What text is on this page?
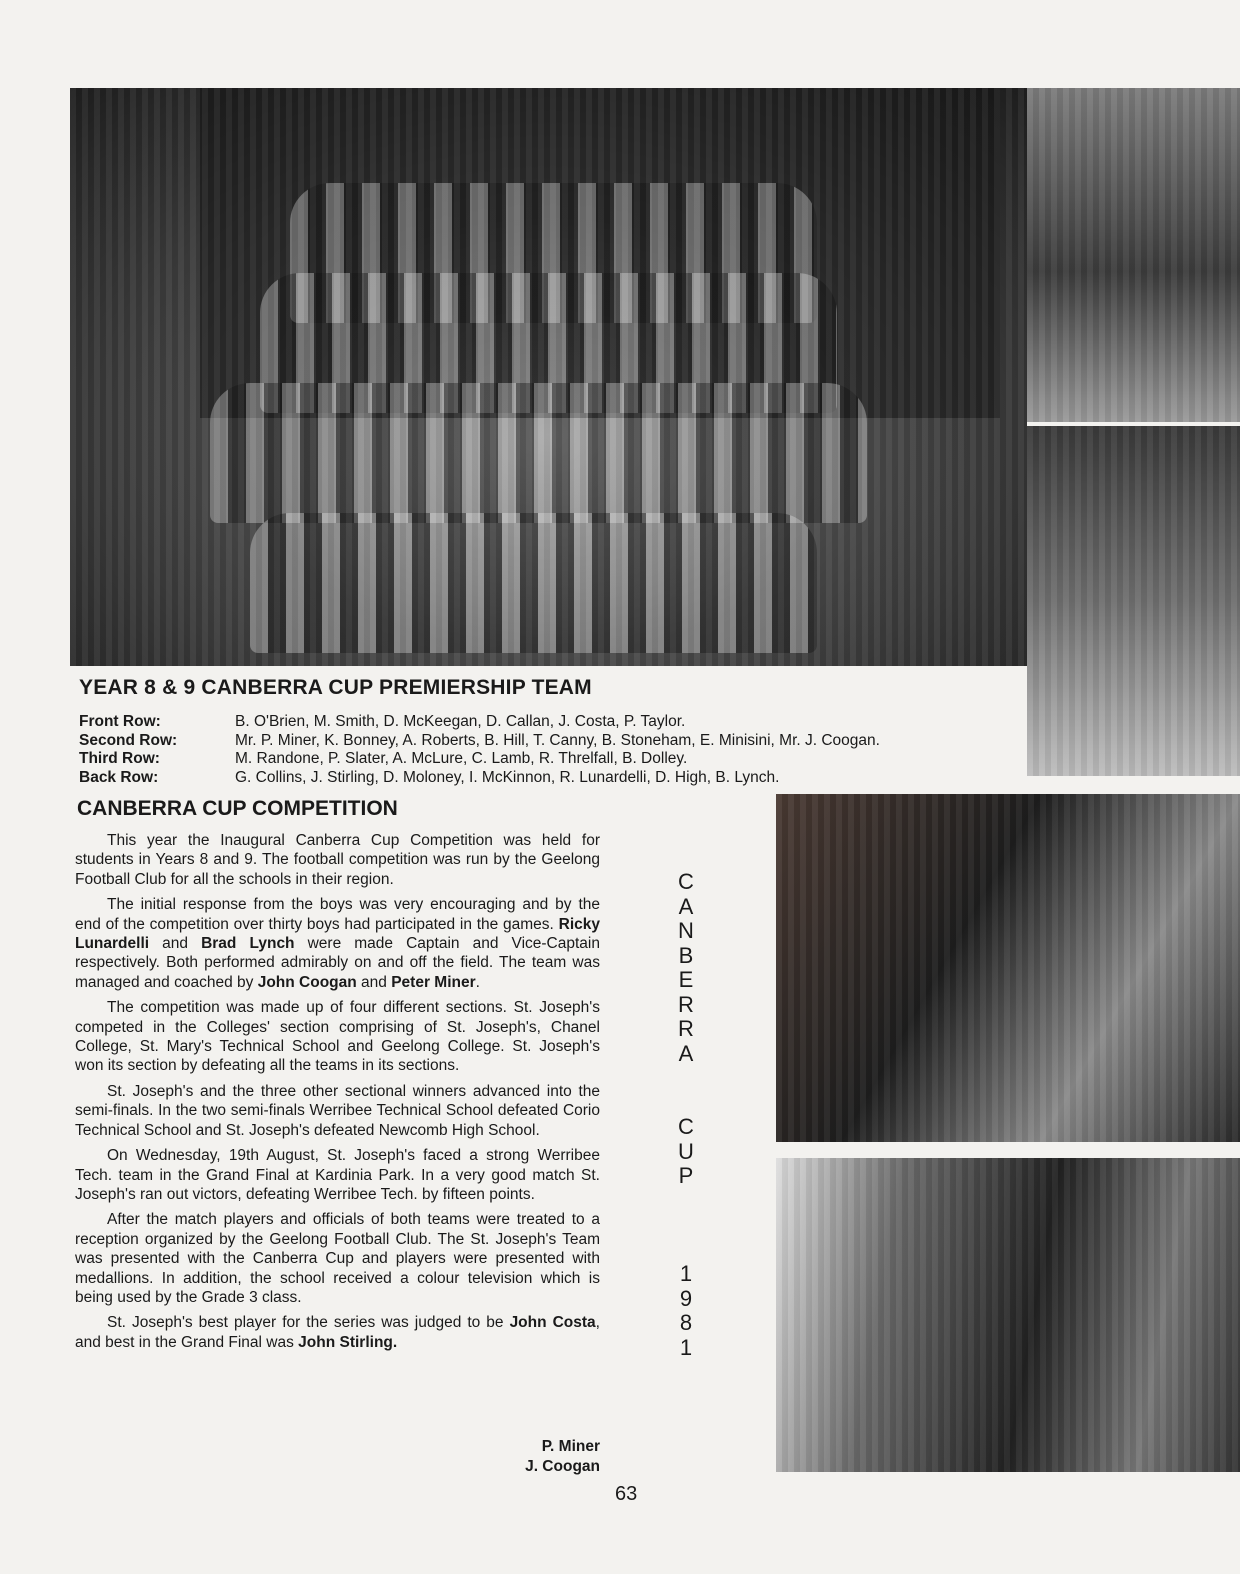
YEAR 8 & 9 CANBERRA CUP PREMIERSHIP TEAM
Front Row:	B. O'Brien, M. Smith, D. McKeegan, D. Callan, J. Costa, P. Taylor.
Second Row:	Mr. P. Miner, K. Bonney, A. Roberts, B. Hill, T. Canny, B. Stoneham, E. Minisini, Mr. J. Coogan.
Third Row:	M. Randone, P. Slater, A. McLure, C. Lamb, R. Threlfall, B. Dolley.
Back Row:	G. Collins, J. Stirling, D. Moloney, I. McKinnon, R. Lunardelli, D. High, B. Lynch.
CANBERRA CUP COMPETITION

This year the Inaugural Canberra Cup Competition was held for students in Years 8 and 9. The football competition was run by the Geelong Football Club for all the schools in their region.

The initial response from the boys was very encouraging and by the end of the competition over thirty boys had participated in the games. Ricky Lunardelli and Brad Lynch were made Captain and Vice-Captain respectively. Both performed admirably on and off the field. The team was managed and coached by John Coogan and Peter Miner.

The competition was made up of four different sections. St. Joseph's competed in the Colleges' section comprising of St. Joseph's, Chanel College, St. Mary's Technical School and Geelong College. St. Joseph's won its section by defeating all the teams in its sections.

St. Joseph's and the three other sectional winners advanced into the semi-finals. In the two semi-finals Werribee Technical School defeated Corio Technical School and St. Joseph's defeated Newcomb High School.

On Wednesday, 19th August, St. Joseph's faced a strong Werribee Tech. team in the Grand Final at Kardinia Park. In a very good match St. Joseph's ran out victors, defeating Werribee Tech. by fifteen points.

After the match players and officials of both teams were treated to a reception organized by the Geelong Football Club. The St. Joseph's Team was presented with the Canberra Cup and players were presented with medallions. In addition, the school received a colour television which is being used by the Grade 3 class.

St. Joseph's best player for the series was judged to be John Costa, and best in the Grand Final was John Stirling.

P. Miner
J. Coogan
C
A
N
B
E
R
R
A
C
U
P
1
9
8
1
63
